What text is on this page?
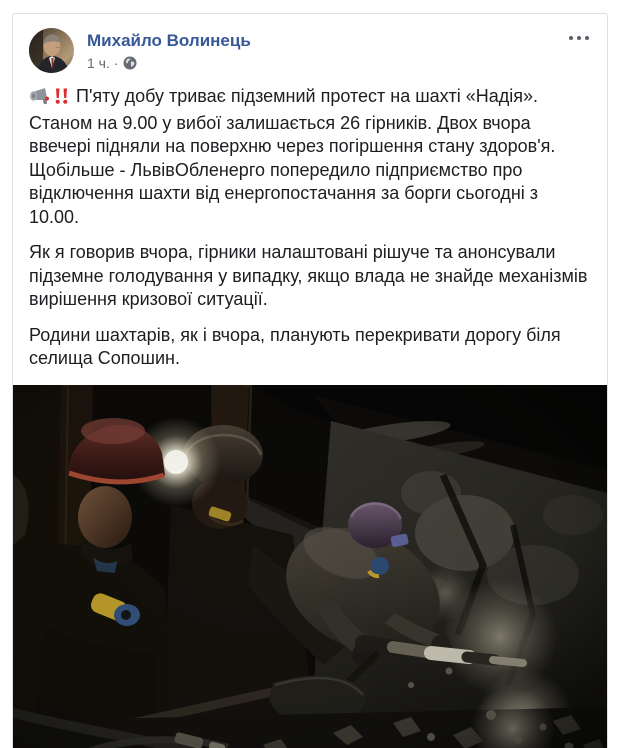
Михайло Волинець
1 ч. ·

П'яту добу триває підземний протест на шахті «Надія». Станом на 9.00 у вибої залишається 26 гірників. Двох вчора ввечері підняли на поверхню через погіршення стану здоров'я.
Щобільше - ЛьвівОбленерго попередило підприємство про відключення шахти від енергопостачання за борги сьогодні з 10.00.

Як я говорив вчора, гірники налаштовані рішуче та анонсували підземне голодування у випадку, якщо влада не знайде механізмів вирішення кризової ситуації.

Родини шахтарів, як і вчора, планують перекривати дорогу біля селища Сопошин.
